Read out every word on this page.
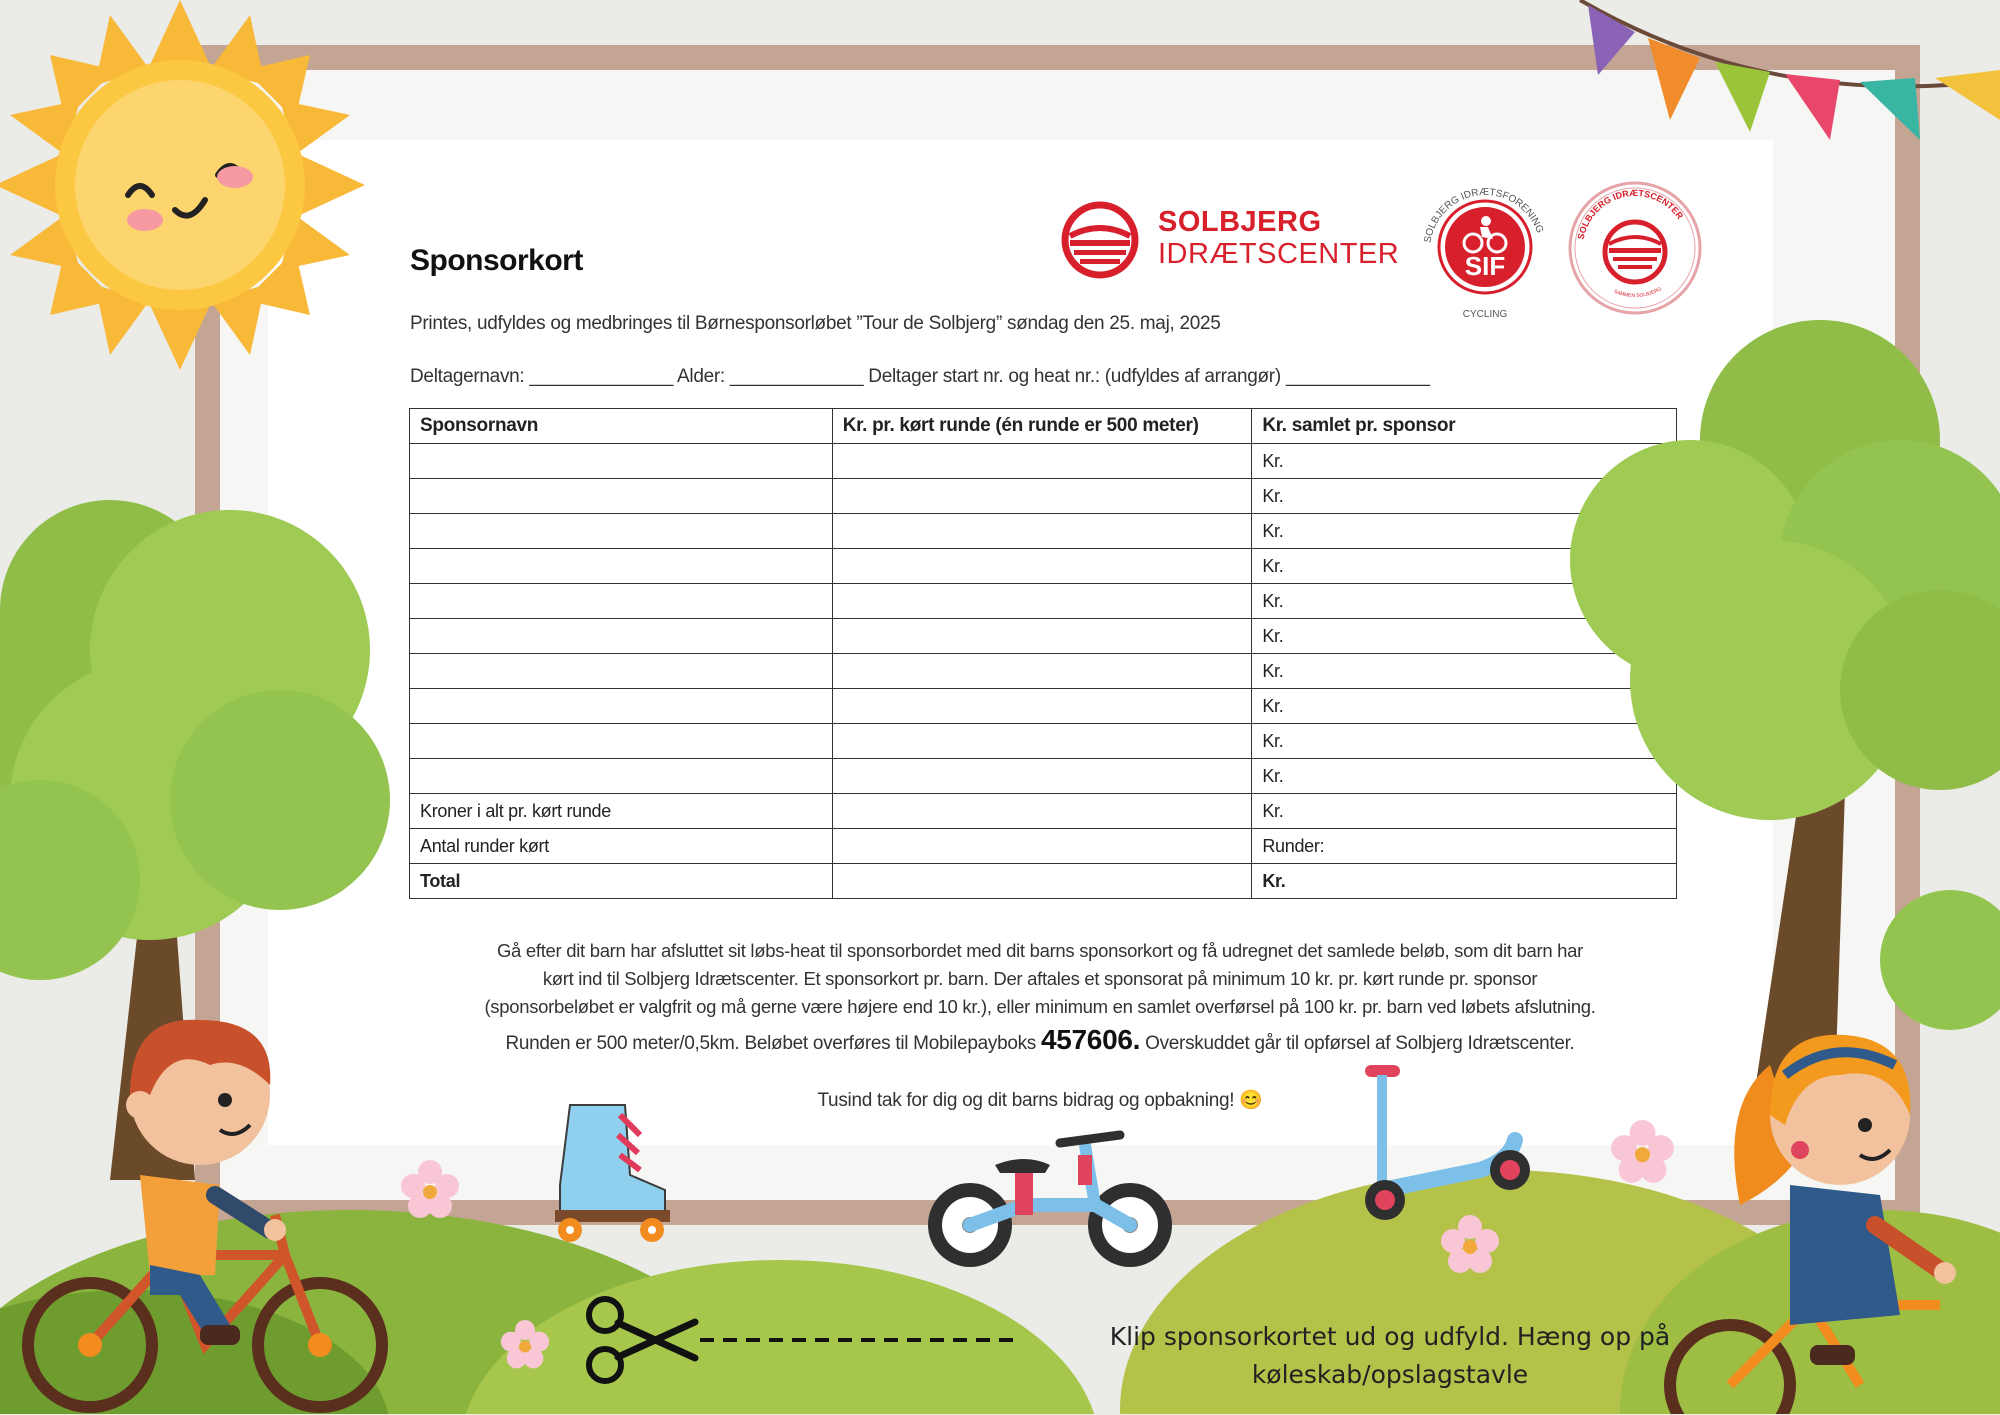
Sponsorkort
Printes, udfyldes og medbringes til Børnesponsorløbet ”Tour de Solbjerg” søndag den 25. maj, 2025
Deltagernavn: ______________ Alder: _____________ Deltager start nr. og heat nr.: (udfyldes af arrangør) ______________
SOLBJERG
IDRÆTSCENTER SOLBJERG IDRÆTSFORENING
SIF
CYCLING
SOLBJERG IDRÆTSCENTER
SAMMEN SOLBJERG
Sponsornavn	Kr. pr. kørt runde (én runde er 500 meter)	Kr. samlet pr. sponsor
		Kr.
		Kr.
		Kr.
		Kr.
		Kr.
		Kr.
		Kr.
		Kr.
		Kr.
		Kr.
Kroner i alt pr. kørt runde		Kr.
Antal runder kørt		Runder:
Total		Kr.
Gå efter dit barn har afsluttet sit løbs-heat til sponsorbordet med dit barns sponsorkort og få udregnet det samlede beløb, som dit barn har
kørt ind til Solbjerg Idrætscenter. Et sponsorkort pr. barn. Der aftales et sponsorat på minimum 10 kr. pr. kørt runde pr. sponsor
(sponsorbeløbet er valgfrit og må gerne være højere end 10 kr.), eller minimum en samlet overførsel på 100 kr. pr. barn ved løbets afslutning.
Runden er 500 meter/0,5km. Beløbet overføres til Mobilepayboks 457606. Overskuddet går til opførsel af Solbjerg Idrætscenter.
Tusind tak for dig og dit barns bidrag og opbakning! 😊
Klip sponsorkortet ud og udfyld. Hæng op på
køleskab/opslagstavle
